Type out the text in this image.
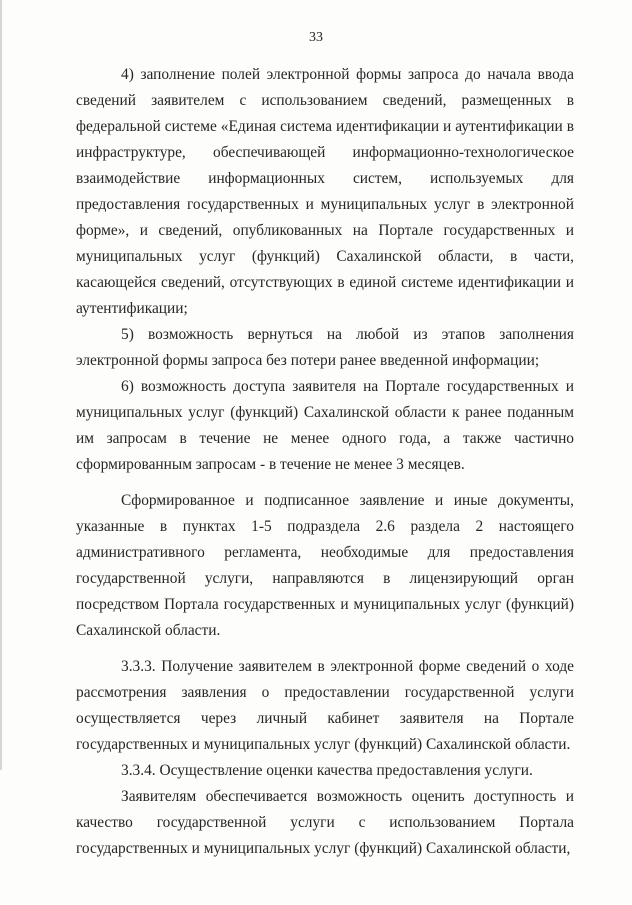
33

4) заполнение полей электронной формы запроса до начала ввода сведений заявителем с использованием сведений, размещенных в федеральной системе «Единая система идентификации и аутентификации в инфраструктуре, обеспечивающей информационно-технологическое взаимодействие информационных систем, используемых для предоставления государственных и муниципальных услуг в электронной форме», и сведений, опубликованных на Портале государственных и муниципальных услуг (функций) Сахалинской области, в части, касающейся сведений, отсутствующих в единой системе идентификации и аутентификации;

5) возможность вернуться на любой из этапов заполнения электронной формы запроса без потери ранее введенной информации;

6) возможность доступа заявителя на Портале государственных и муниципальных услуг (функций) Сахалинской области к ранее поданным им запросам в течение не менее одного года, а также частично сформированным запросам - в течение не менее 3 месяцев.

Сформированное и подписанное заявление и иные документы, указанные в пунктах 1-5 подраздела 2.6 раздела 2 настоящего административного регламента, необходимые для предоставления государственной услуги, направляются в лицензирующий орган посредством Портала государственных и муниципальных услуг (функций) Сахалинской области.

3.3.3. Получение заявителем в электронной форме сведений о ходе рассмотрения заявления о предоставлении государственной услуги осуществляется через личный кабинет заявителя на Портале государственных и муниципальных услуг (функций) Сахалинской области.

3.3.4. Осуществление оценки качества предоставления услуги.

Заявителям обеспечивается возможность оценить доступность и качество государственной услуги с использованием Портала государственных и муниципальных услуг (функций) Сахалинской области,
